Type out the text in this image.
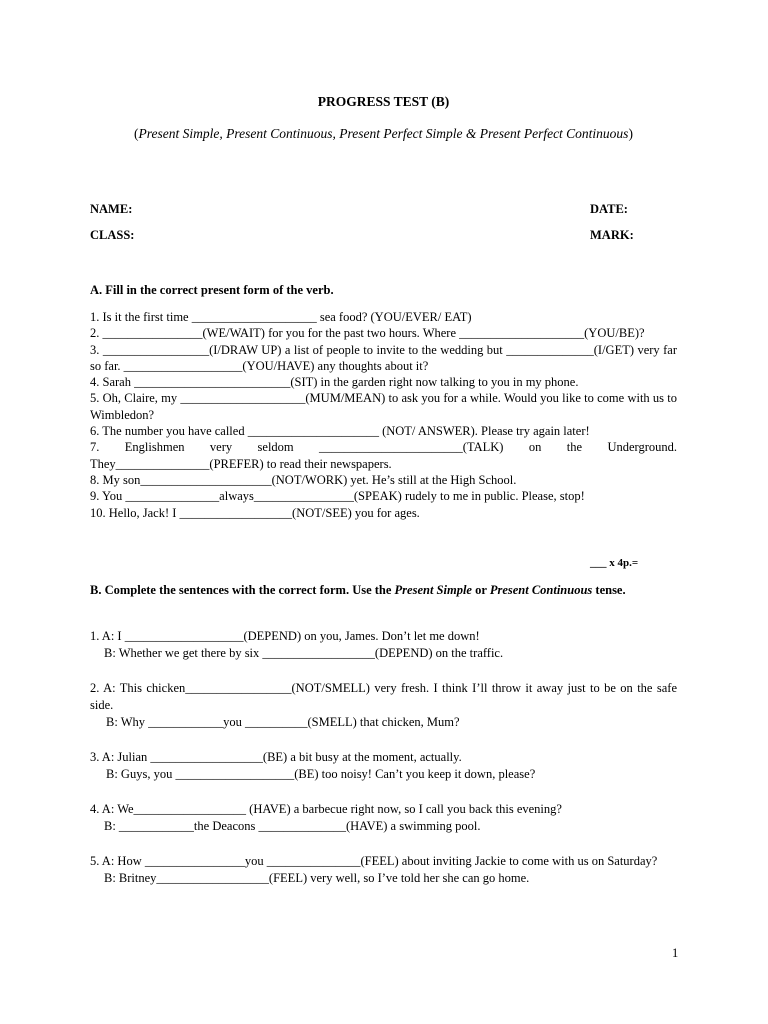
PROGRESS TEST (B)
(Present Simple, Present Continuous, Present Perfect Simple & Present Perfect Continuous)
NAME:	DATE:
CLASS:	MARK:
A. Fill in the correct present form of the verb.
1. Is it the first time ____________________ sea food? (YOU/EVER/ EAT)
2. ________________(WE/WAIT) for you for the past two hours. Where ____________________(YOU/BE)?
3. _________________(I/DRAW UP) a list of people to invite to the wedding but ______________(I/GET) very far so far. ___________________(YOU/HAVE) any thoughts about it?
4. Sarah _________________________(SIT) in the garden right now talking to you in my phone.
5. Oh, Claire, my ____________________(MUM/MEAN) to ask you for a while. Would you like to come with us to Wimbledon?
6. The number you have called _____________________ (NOT/ ANSWER). Please try again later!
7. Englishmen very seldom _______________________(TALK) on the Underground. They_______________(PREFER) to read their newspapers.
8. My son_____________________(NOT/WORK) yet. He’s still at the High School.
9. You _______________always________________(SPEAK) rudely to me in public. Please, stop!
10. Hello, Jack! I __________________(NOT/SEE) you for ages.
___ x 4p.=
B. Complete the sentences with the correct form. Use the Present Simple or Present Continuous tense.
1. A: I ___________________(DEPEND) on you, James. Don’t let me down!
B: Whether we get there by six __________________(DEPEND) on the traffic.
2. A: This chicken_________________(NOT/SMELL) very fresh. I think I’ll throw it away just to be on the safe side.
B: Why ____________you __________(SMELL) that chicken, Mum?
3. A: Julian __________________(BE) a bit busy at the moment, actually.
B: Guys, you ___________________(BE) too noisy! Can’t you keep it down, please?
4. A: We__________________ (HAVE) a barbecue right now, so I call you back this evening?
B: ____________the Deacons ______________(HAVE) a swimming pool.
5. A: How ________________you _______________(FEEL) about inviting Jackie to come with us on Saturday?
B: Britney__________________(FEEL) very well, so I’ve told her she can go home.
1
